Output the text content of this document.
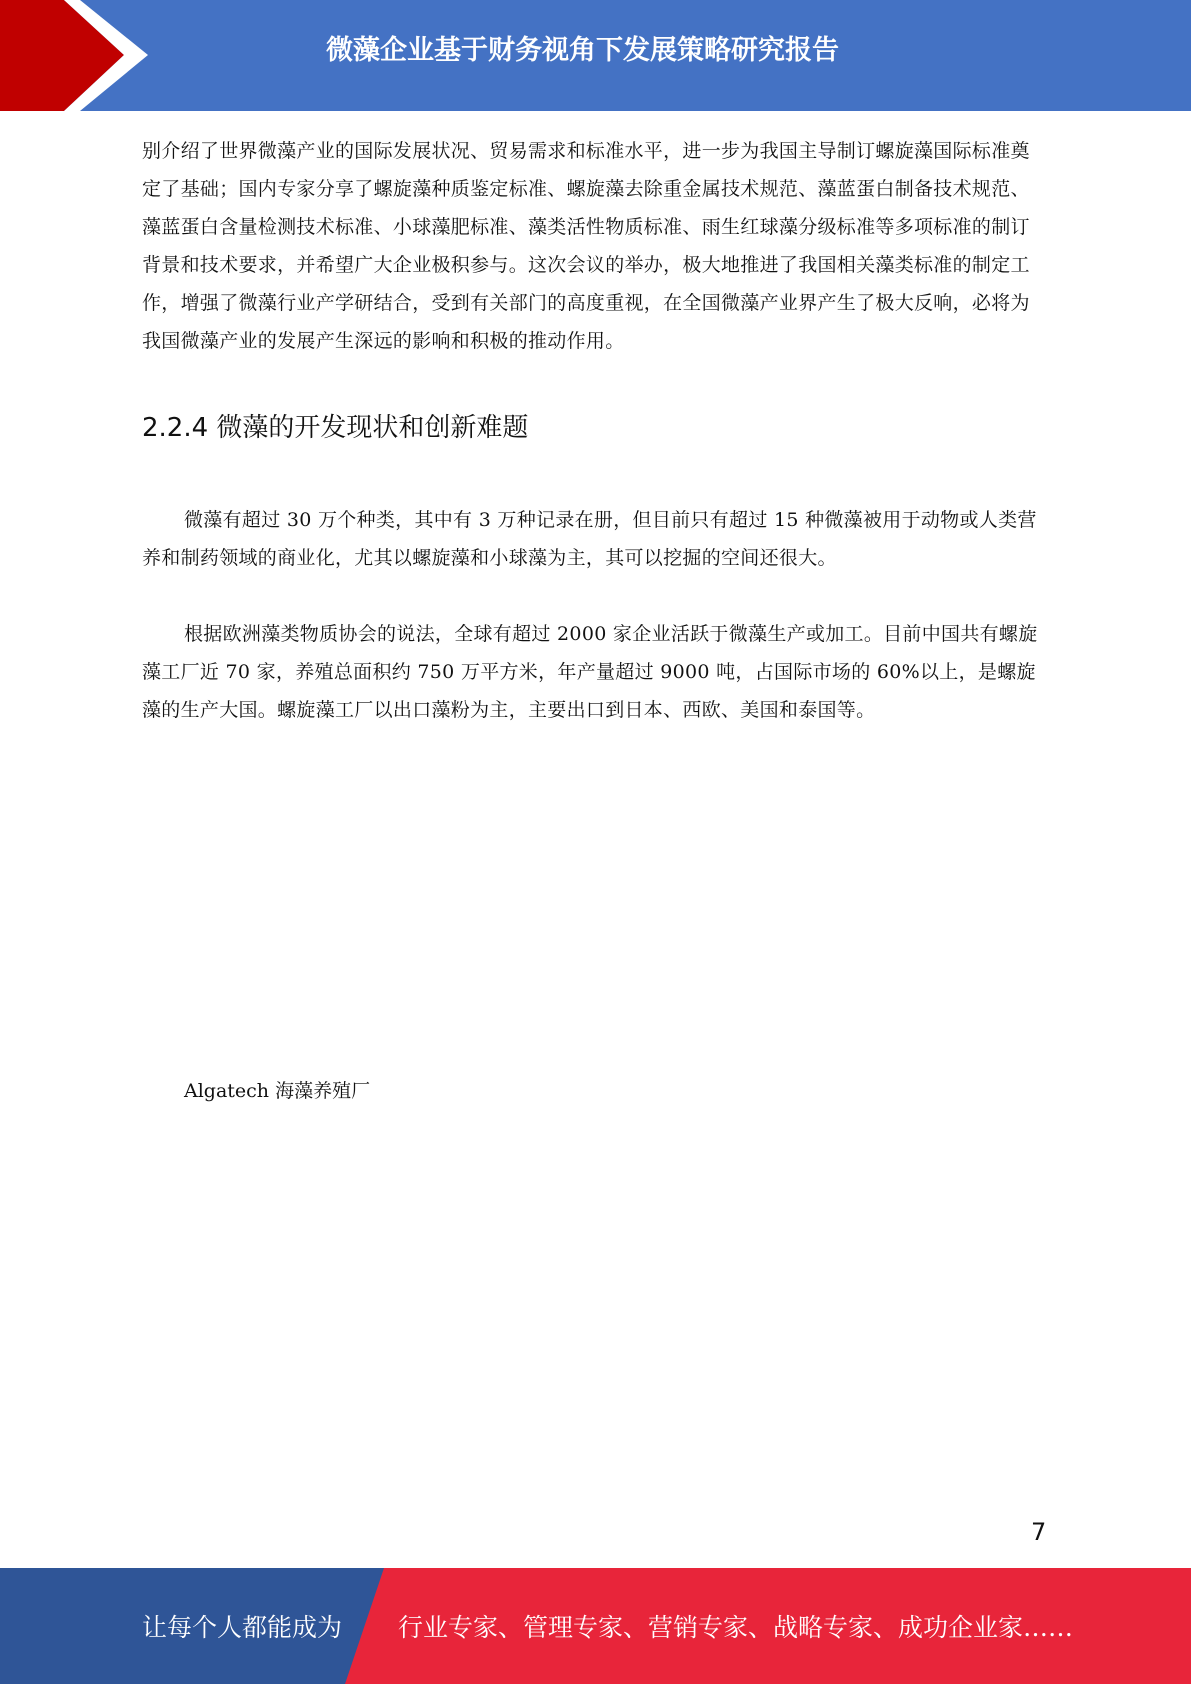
微藻企业基于财务视角下发展策略研究报告

别介绍了世界微藻产业的国际发展状况、贸易需求和标准水平，进一步为我国主导制订螺旋藻国际标准奠定了基础；国内专家分享了螺旋藻种质鉴定标准、螺旋藻去除重金属技术规范、藻蓝蛋白制备技术规范、藻蓝蛋白含量检测技术标准、小球藻肥标准、藻类活性物质标准、雨生红球藻分级标准等多项标准的制订背景和技术要求，并希望广大企业极积参与。这次会议的举办，极大地推进了我国相关藻类标准的制定工作，增强了微藻行业产学研结合，受到有关部门的高度重视，在全国微藻产业界产生了极大反响，必将为我国微藻产业的发展产生深远的影响和积极的推动作用。

2.2.4 微藻的开发现状和创新难题

微藻有超过 30 万个种类，其中有 3 万种记录在册，但目前只有超过 15 种微藻被用于动物或人类营养和制药领域的商业化，尤其以螺旋藻和小球藻为主，其可以挖掘的空间还很大。

根据欧洲藻类物质协会的说法，全球有超过 2000 家企业活跃于微藻生产或加工。目前中国共有螺旋藻工厂近 70 家，养殖总面积约 750 万平方米，年产量超过 9000 吨，占国际市场的 60%以上，是螺旋藻的生产大国。螺旋藻工厂以出口藻粉为主，主要出口到日本、西欧、美国和泰国等。

Algatech 海藻养殖厂
7
让每个人都能成为 行业专家、管理专家、营销专家、战略专家、成功企业家……
